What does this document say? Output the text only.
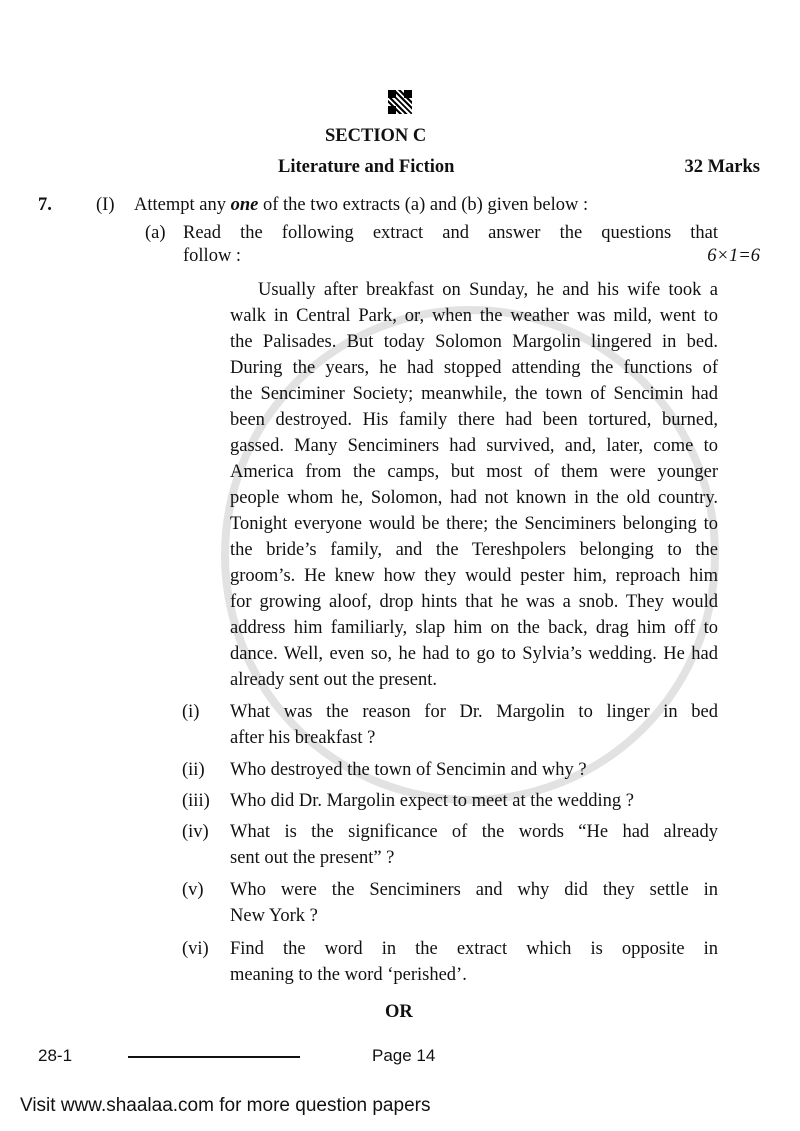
SECTION C
Literature and Fiction	32 Marks
7. (I) Attempt any one of the two extracts (a) and (b) given below :
(a) Read the following extract and answer the questions that
follow :	6×1=6
Usually after breakfast on Sunday, he and his wife took a
walk in Central Park, or, when the weather was mild, went to
the Palisades. But today Solomon Margolin lingered in bed.
During the years, he had stopped attending the functions of
the Senciminer Society; meanwhile, the town of Sencimin had
been destroyed. His family there had been tortured, burned,
gassed. Many Senciminers had survived, and, later, come to
America from the camps, but most of them were younger
people whom he, Solomon, had not known in the old country.
Tonight everyone would be there; the Senciminers belonging to
the bride’s family, and the Tereshpolers belonging to the
groom’s. He knew how they would pester him, reproach him
for growing aloof, drop hints that he was a snob. They would
address him familiarly, slap him on the back, drag him off to
dance. Well, even so, he had to go to Sylvia’s wedding. He had
already sent out the present.
(i) What was the reason for Dr. Margolin to linger in bed
after his breakfast ?
(ii) Who destroyed the town of Sencimin and why ?
(iii) Who did Dr. Margolin expect to meet at the wedding ?
(iv) What is the significance of the words “He had already
sent out the present” ?
(v) Who were the Senciminers and why did they settle in
New York ?
(vi) Find the word in the extract which is opposite in
meaning to the word ‘perished’.
OR
28-1	Page 14
Visit www.shaalaa.com for more question papers
